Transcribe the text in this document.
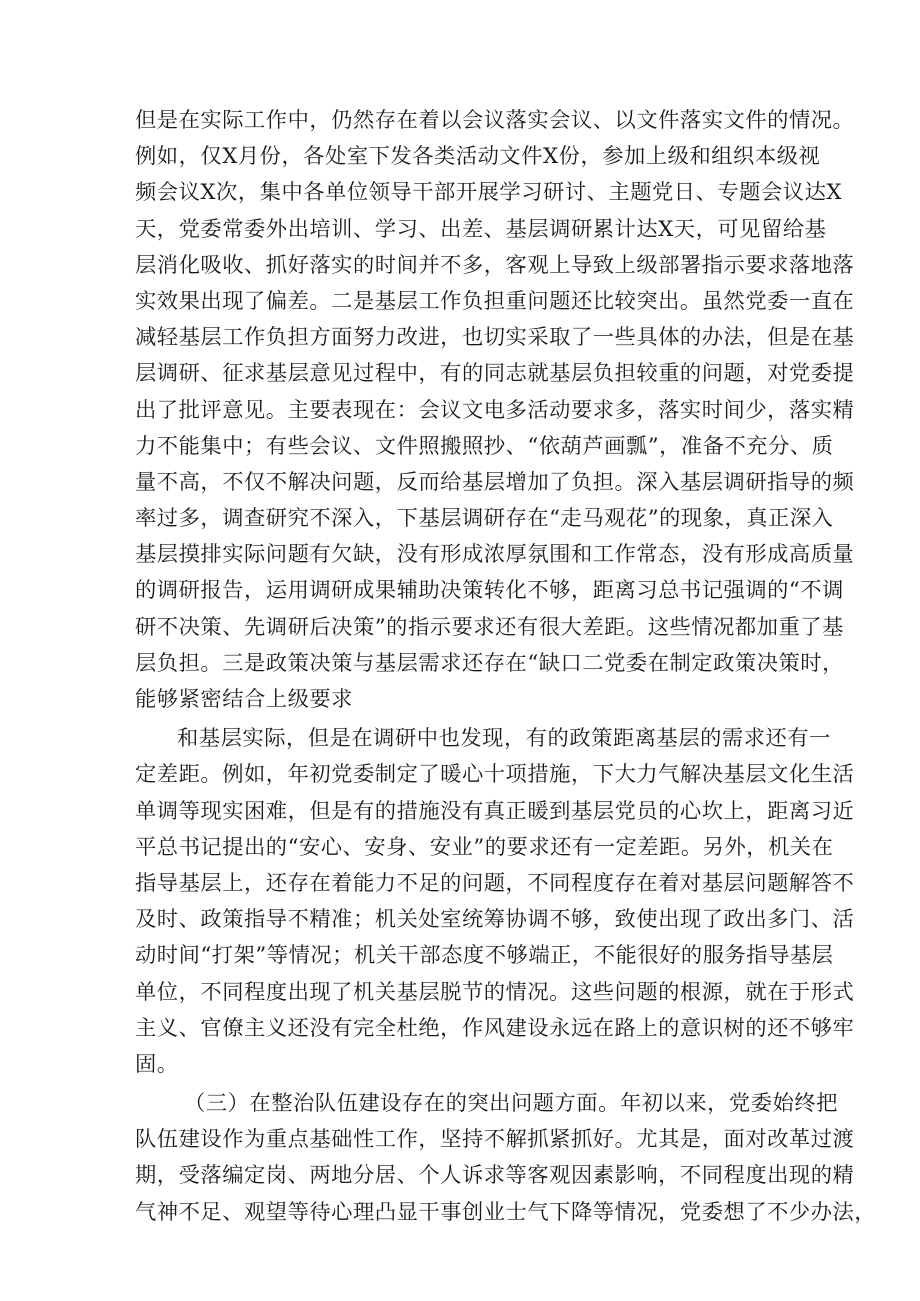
但是在实际工作中，仍然存在着以会议落实会议、以文件落实文件的情况。
例如，仅X月份，各处室下发各类活动文件X份，参加上级和组织本级视
频会议X次，集中各单位领导干部开展学习研讨、主题党日、专题会议达X
天，党委常委外出培训、学习、出差、基层调研累计达X天，可见留给基
层消化吸收、抓好落实的时间并不多，客观上导致上级部署指示要求落地落
实效果出现了偏差。二是基层工作负担重问题还比较突出。虽然党委一直在
减轻基层工作负担方面努力改进，也切实采取了一些具体的办法，但是在基
层调研、征求基层意见过程中，有的同志就基层负担较重的问题，对党委提
出了批评意见。主要表现在：会议文电多活动要求多，落实时间少，落实精
力不能集中；有些会议、文件照搬照抄、“依葫芦画瓢”，准备不充分、质
量不高，不仅不解决问题，反而给基层增加了负担。深入基层调研指导的频
率过多，调查研究不深入，下基层调研存在“走马观花”的现象，真正深入
基层摸排实际问题有欠缺，没有形成浓厚氛围和工作常态，没有形成高质量
的调研报告，运用调研成果辅助决策转化不够，距离习总书记强调的“不调
研不决策、先调研后决策”的指示要求还有很大差距。这些情况都加重了基
层负担。三是政策决策与基层需求还存在“缺口二党委在制定政策决策时，
能够紧密结合上级要求
和基层实际，但是在调研中也发现，有的政策距离基层的需求还有一
定差距。例如，年初党委制定了暖心十项措施，下大力气解决基层文化生活
单调等现实困难，但是有的措施没有真正暖到基层党员的心坎上，距离习近
平总书记提出的“安心、安身、安业”的要求还有一定差距。另外，机关在
指导基层上，还存在着能力不足的问题，不同程度存在着对基层问题解答不
及时、政策指导不精准；机关处室统筹协调不够，致使出现了政出多门、活
动时间“打架”等情况；机关干部态度不够端正，不能很好的服务指导基层
单位，不同程度出现了机关基层脱节的情况。这些问题的根源，就在于形式
主义、官僚主义还没有完全杜绝，作风建设永远在路上的意识树的还不够牢
固。
（三）在整治队伍建设存在的突出问题方面。年初以来，党委始终把
队伍建设作为重点基础性工作，坚持不解抓紧抓好。尤其是，面对改革过渡
期，受落编定岗、两地分居、个人诉求等客观因素影响，不同程度出现的精
气神不足、观望等待心理凸显干事创业士气下降等情况，党委想了不少办法，
